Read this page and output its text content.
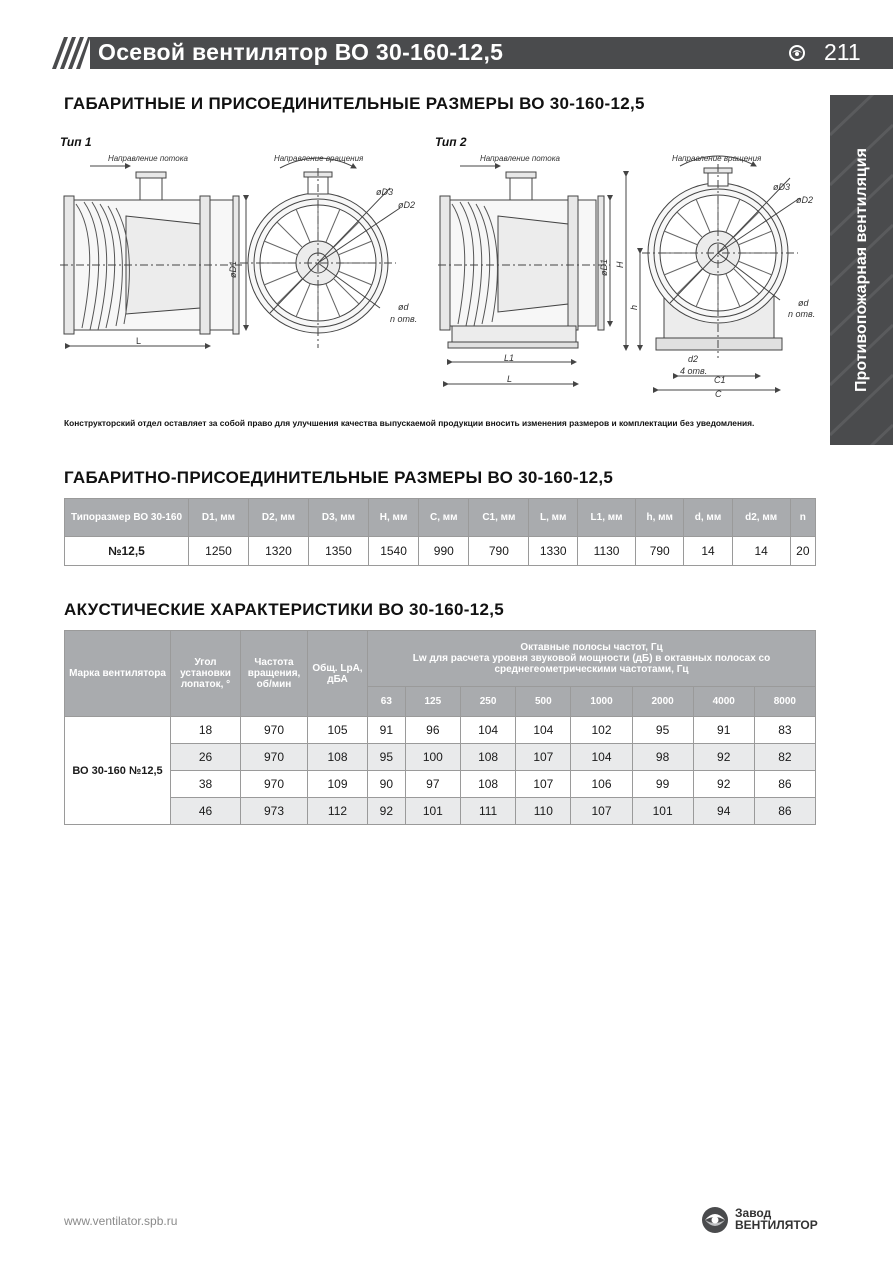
Осевой вентилятор ВО 30-160-12,5	211
Противопожарная вентиляция
ГАБАРИТНЫЕ И ПРИСОЕДИНИТЕЛЬНЫЕ РАЗМЕРЫ ВО 30-160-12,5
Тип 1	Тип 2
L
øD1
Направление потока	Направление вращения
øD3
øD2
ød
n отв.
L1
L
øD1
Направление потока	Направление вращения
øD3
øD2
ød
n отв.
H
h
d2
4 отв.
C1
C
Конструкторский отдел оставляет за собой право для улучшения качества выпускаемой продукции вносить изменения размеров и комплектации без уведомления.
ГАБАРИТНО-ПРИСОЕДИНИТЕЛЬНЫЕ РАЗМЕРЫ ВО 30-160-12,5
Типоразмер ВО 30-160	D1, мм	D2, мм	D3, мм	H, мм	C, мм	C1, мм	L, мм	L1, мм	h, мм	d, мм	d2, мм	n
№12,5	1250	1320	1350	1540	990	790	1330	1130	790	14	14	20
АКУСТИЧЕСКИЕ ХАРАКТЕРИСТИКИ ВО 30-160-12,5
Марка вентилятора	Угол установки лопаток, °	Частота вращения, об/мин	Общ. LpA, дБА	Октавные полосы частот, Гц
Lw для расчета уровня звуковой мощности (дБ) в октавных полосах со среднегеометрическими частотами, Гц							

				63	125	250	500	1000	2000	4000	8000
ВО 30-160 №12,5	18	970	105	91	96	104	104	102	95	91	83
	26	970	108	95	100	108	107	104	98	92	82
	38	970	109	90	97	108	107	106	99	92	86
	46	973	112	92	101	111	110	107	101	94	86
www.ventilator.spb.ru
Завод
ВЕНТИЛЯТОР
